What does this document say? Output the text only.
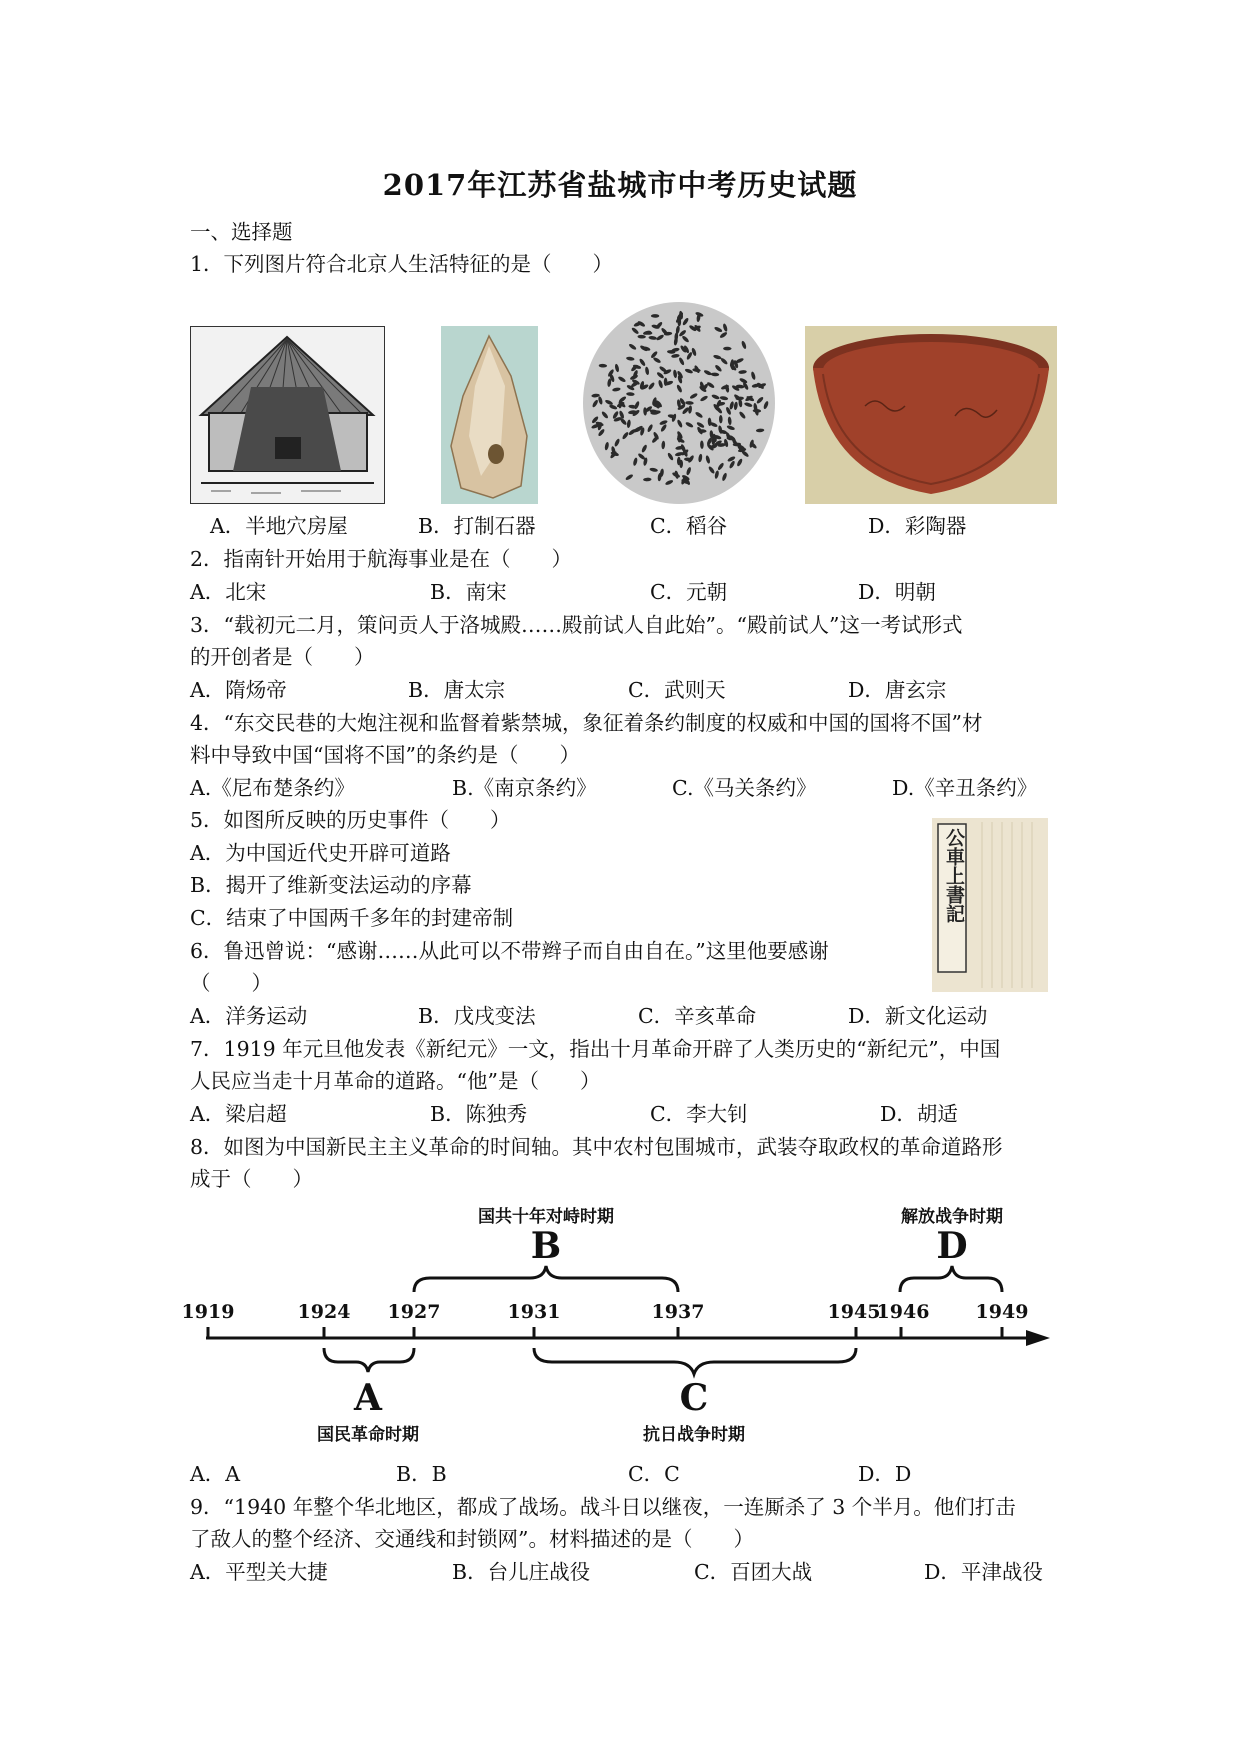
2017年江苏省盐城市中考历史试题
一、选择题
1．下列图片符合北京人生活特征的是（　　）
A．半地穴房屋	B．打制石器	C．稻谷	D．彩陶器
2．指南针开始用于航海事业是在（　　）
A．北宋	B．南宋	C．元朝	D．明朝
3．“载初元二月，策问贡人于洛城殿……殿前试人自此始”。“殿前试人”这一考试形式
的开创者是（　　）
A．隋炀帝	B．唐太宗	C．武则天	D．唐玄宗
4．“东交民巷的大炮注视和监督着紫禁城，象征着条约制度的权威和中国的国将不国”材
料中导致中国“国将不国”的条约是（　　）
A.《尼布楚条约》	B.《南京条约》	C.《马关条约》	D.《辛丑条约》
5．如图所反映的历史事件（　　）
A．为中国近代史开辟可道路
B．揭开了维新变法运动的序幕
C．结束了中国两千多年的封建帝制	公車上書記
6．鲁迅曾说：“感谢……从此可以不带辫子而自由自在。”这里他要感谢
（　　）
A．洋务运动	B．戊戌变法	C．辛亥革命	D．新文化运动
7．1919 年元旦他发表《新纪元》一文，指出十月革命开辟了人类历史的“新纪元”，中国
人民应当走十月革命的道路。“他”是（　　）
A．梁启超	B．陈独秀	C．李大钊	D．胡适
8．如图为中国新民主主义革命的时间轴。其中农村包围城市，武装夺取政权的革命道路形
成于（　　）
1919	1924 1927	1931	1937	1945
1946 1949
B	D
A	C
国共十年对峙时期	解放战争时期
国民革命时期	抗日战争时期
A．A	B．B	C．C	D．D
9．“1940 年整个华北地区，都成了战场。战斗日以继夜，一连厮杀了 3 个半月。他们打击
了敌人的整个经济、交通线和封锁网”。材料描述的是（　　）
A．平型关大捷	B．台儿庄战役	C．百团大战	D．平津战役
